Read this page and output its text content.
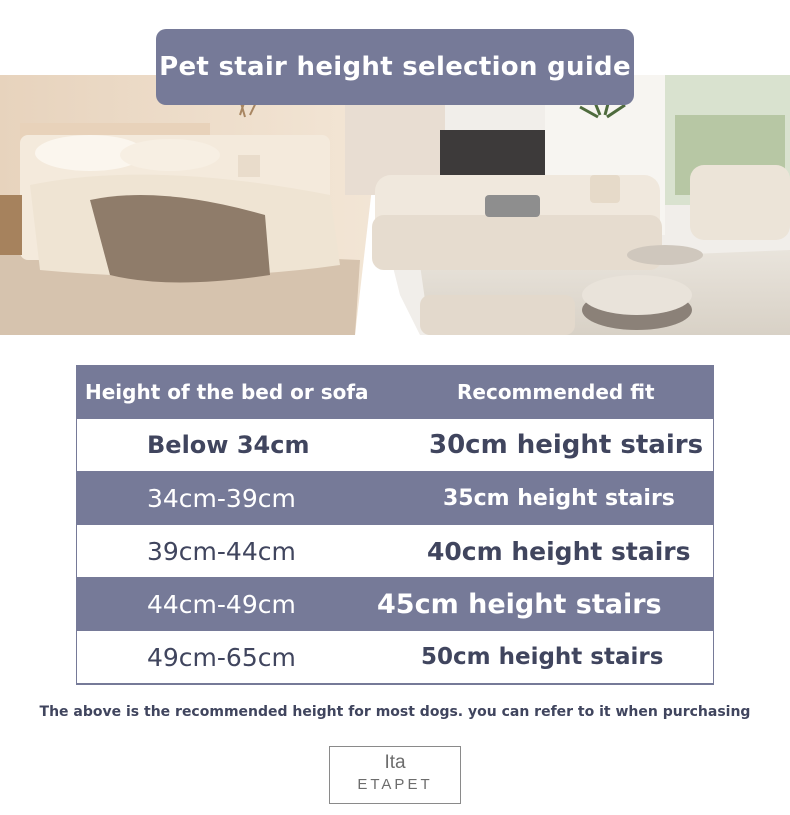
Pet stair height selection guide
Height of the bed or sofa	Recommended fit
Below 34cm	30cm height stairs
34cm-39cm	35cm height stairs
39cm-44cm	40cm height stairs
44cm-49cm	45cm height stairs
49cm-65cm	50cm height stairs
The above is the recommended height for most dogs. you can refer to it when purchasing
Ita
ETAPET
